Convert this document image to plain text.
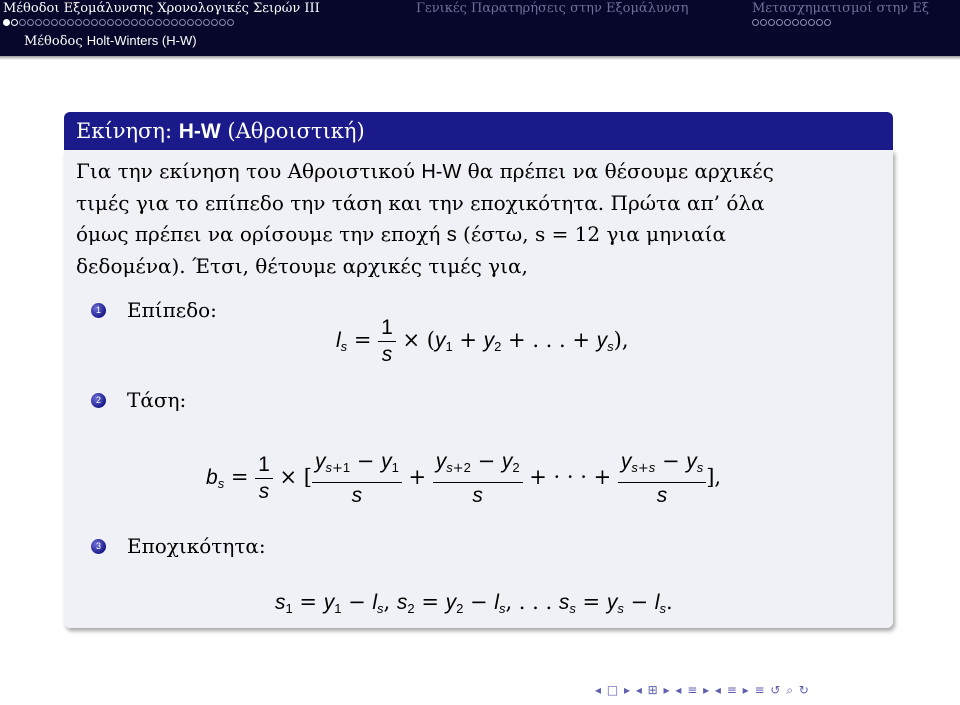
Μέθοδοι Εξομάλυνσης Χρονολογικές Σειρών ΙΙΙ	Γενικές Παρατηρήσεις στην Εξομάλυνση	Μετασχηματισμοί στην Εξ
Μέθοδος Holt-Winters (H-W)
Εκίνηση: H-W (Αθροιστική)

Για την εκίνηση του Αθροιστικού H-W θα πρέπει να θέσουμε αρχικές

τιμές για το επίπεδο την τάση και την εποχικότητα. Πρώτα απ’ όλα

όμως πρέπει να ορίσουμε την εποχή s (έστω, s = 12 για μηνιαία

δεδομένα). Έτσι, θέτουμε αρχικές τιμές για,

1 Επίπεδο:
$l_s = \frac{1}{s} \times (y_1 + y_2$ + . . . + $y_s$),
2 Τάση:
$b_s = \frac{1}{s}$ × [ $\frac{y_{s+1} - y_1}{s} + \frac{y_{s+2} - y_2}{s}$ + · · · + $\frac{y_{s+s} - y_s}{s}$ ],
3 Εποχικότητα:
$s_1 = y_1 - l_s$, $s_2 = y_2 - l_s$, . . . $s_s = y_s - l_s$.
◂ □ ▸ ◂ ⊞ ▸ ◂ ≡ ▸ ◂ ≡ ▸ ≡ ↺ ⌕ ↻
